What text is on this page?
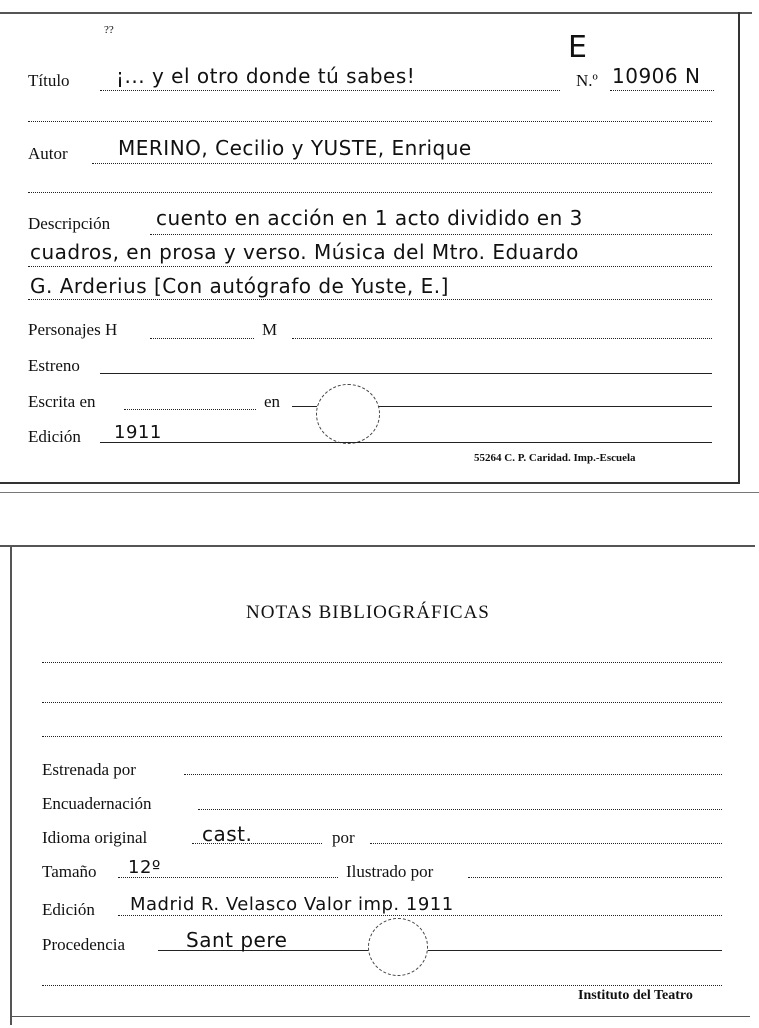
??	E
Título ¡... y el otro donde tú sabes!	N.º 10906 N
Autor	MERINO, Cecilio y YUSTE, Enrique
Descripción cuento en acción en 1 acto dividido en 3
cuadros, en prosa y verso. Música del Mtro. Eduardo
G. Arderius [Con autógrafo de Yuste, E.]
Personajes H	M
Estreno
Escrita en	en
Edición 1911
55264 C. P. Caridad. Imp.-Escuela
NOTAS BIBLIOGRÁFICAS
Estrenada por
Encuadernación
Idioma original	cast.	por
Tamaño 12º	Ilustrado por
Edición Madrid R. Velasco Valor imp. 1911
Procedencia	Sant pere
Instituto del Teatro
